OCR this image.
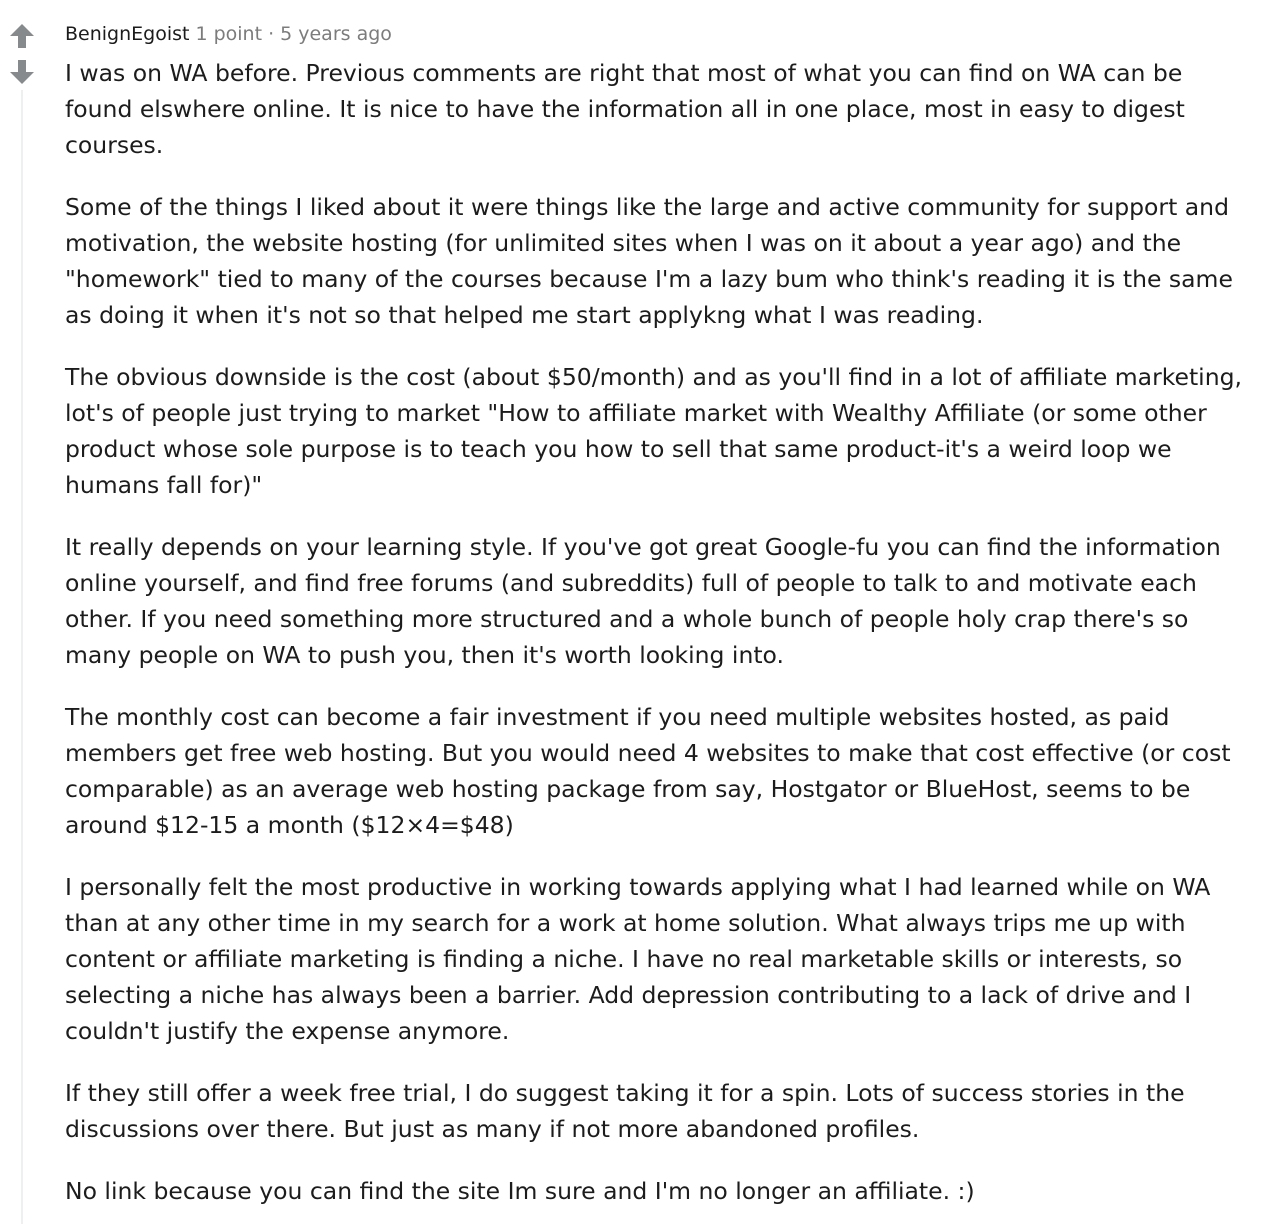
BenignEgoist 1 point · 5 years ago

I was on WA before. Previous comments are right that most of what you can find on WA can be found elswhere online. It is nice to have the information all in one place, most in easy to digest courses.

Some of the things I liked about it were things like the large and active community for support and motivation, the website hosting (for unlimited sites when I was on it about a year ago) and the "homework" tied to many of the courses because I'm a lazy bum who think's reading it is the same as doing it when it's not so that helped me start applykng what I was reading.

The obvious downside is the cost (about $50/month) and as you'll find in a lot of affiliate marketing, lot's of people just trying to market "How to affiliate market with Wealthy Affiliate (or some other product whose sole purpose is to teach you how to sell that same product-it's a weird loop we humans fall for)"

It really depends on your learning style. If you've got great Google-fu you can find the information online yourself, and find free forums (and subreddits) full of people to talk to and motivate each other. If you need something more structured and a whole bunch of people holy crap there's so many people on WA to push you, then it's worth looking into.

The monthly cost can become a fair investment if you need multiple websites hosted, as paid members get free web hosting. But you would need 4 websites to make that cost effective (or cost comparable) as an average web hosting package from say, Hostgator or BlueHost, seems to be around $12-15 a month ($12×4=$48)

I personally felt the most productive in working towards applying what I had learned while on WA than at any other time in my search for a work at home solution. What always trips me up with content or affiliate marketing is finding a niche. I have no real marketable skills or interests, so selecting a niche has always been a barrier. Add depression contributing to a lack of drive and I couldn't justify the expense anymore.

If they still offer a week free trial, I do suggest taking it for a spin. Lots of success stories in the discussions over there. But just as many if not more abandoned profiles.

No link because you can find the site Im sure and I'm no longer an affiliate. :)
